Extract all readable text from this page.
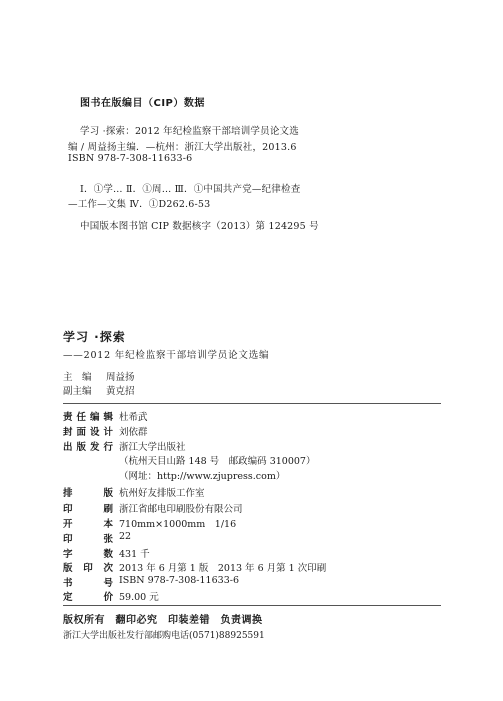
图书在版编目（CIP）数据
学习 ·探索：2012 年纪检监察干部培训学员论文选
编 / 周益扬主编．—杭州：浙江大学出版社，2013.6
ISBN 978-7-308-11633-6
Ⅰ．①学… Ⅱ．①周… Ⅲ．①中国共产党—纪律检查
—工作—文集 Ⅳ．①D262.6-53
中国版本图书馆 CIP 数据核字（2013）第 124295 号
学习 ·探索
——2012 年纪检监察干部培训学员论文选编
主　编 周益扬
副主编 黄克招
责任编辑 杜希武
封面设计 刘依群
出版发行 浙江大学出版社
（杭州天目山路 148 号　邮政编码 310007）
（网址：http://www.zjupress.com）
排版 杭州好友排版工作室
印刷 浙江省邮电印刷股份有限公司
开本 710mm×1000mm　1/16
印张 22
字数 431 千
版印次 2013 年 6 月第 1 版　2013 年 6 月第 1 次印刷
书号 ISBN 978-7-308-11633-6
定价 59.00 元
版权所有　翻印必究　印装差错　负责调换
浙江大学出版社发行部邮购电话(0571)88925591
